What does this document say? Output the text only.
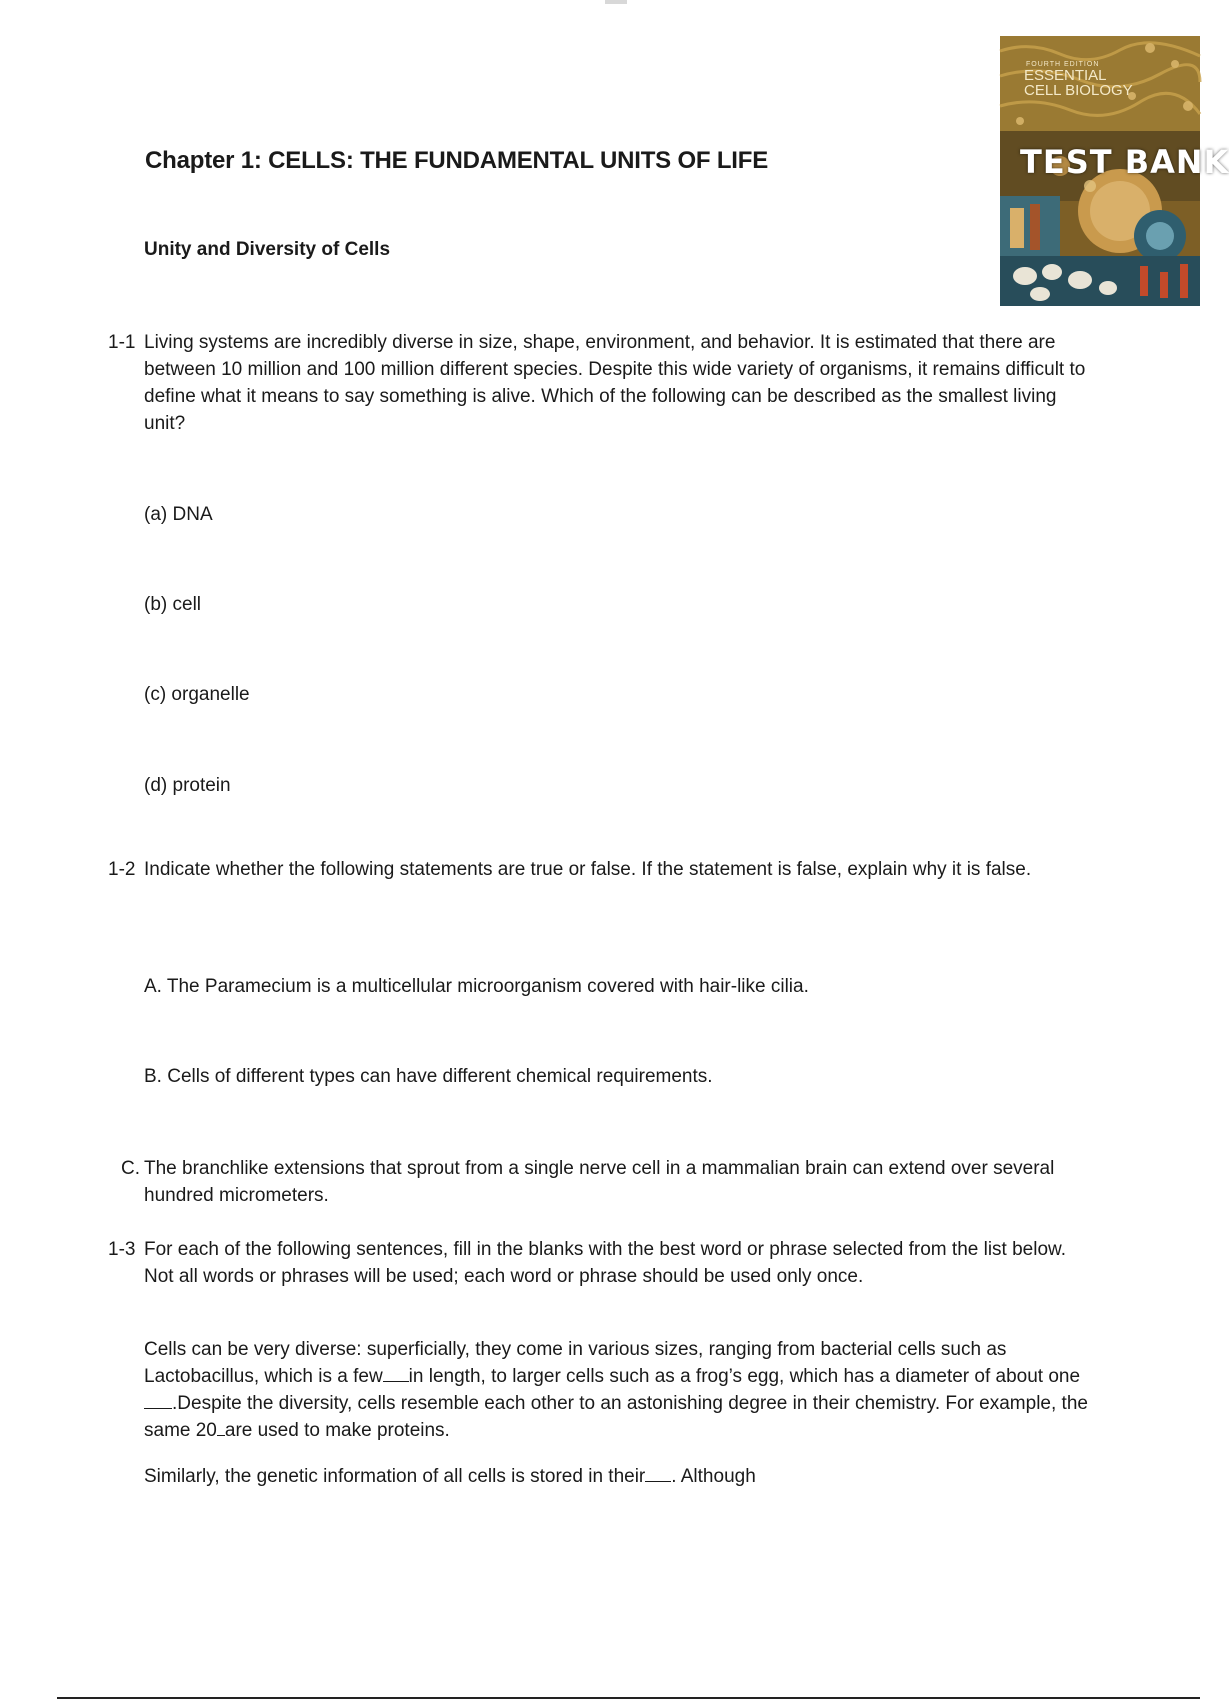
FOURTH EDITION
ESSENTIAL
CELL BIOLOGY
TEST BANK
Chapter 1: CELLS: THE FUNDAMENTAL UNITS OF LIFE
Unity and Diversity of Cells
1-1 Living systems are incredibly diverse in size, shape, environment, and behavior. It is estimated that there are between 10 million and 100 million different species. Despite this wide variety of organisms, it remains difficult to define what it means to say something is alive. Which of the following can be described as the smallest living unit?
(a) DNA
(b) cell
(c) organelle
(d) protein
1-2 Indicate whether the following statements are true or false. If the statement is false, explain why it is false.
A. The Paramecium is a multicellular microorganism covered with hair-like cilia.
B. Cells of different types can have different chemical requirements.
C. The branchlike extensions that sprout from a single nerve cell in a mammalian brain can extend over several hundred micrometers.
1-3 For each of the following sentences, fill in the blanks with the best word or phrase selected from the list below. Not all words or phrases will be used; each word or phrase should be used only once.
Cells can be very diverse: superficially, they come in various sizes, ranging from bacterial cells such as Lactobacillus, which is a few in length, to larger cells such as a frog’s egg, which has a diameter of about one.Despite the diversity, cells resemble each other to an astonishing degree in their chemistry. For example, the same 20 are used to make proteins.
Similarly, the genetic information of all cells is stored in their . Although
